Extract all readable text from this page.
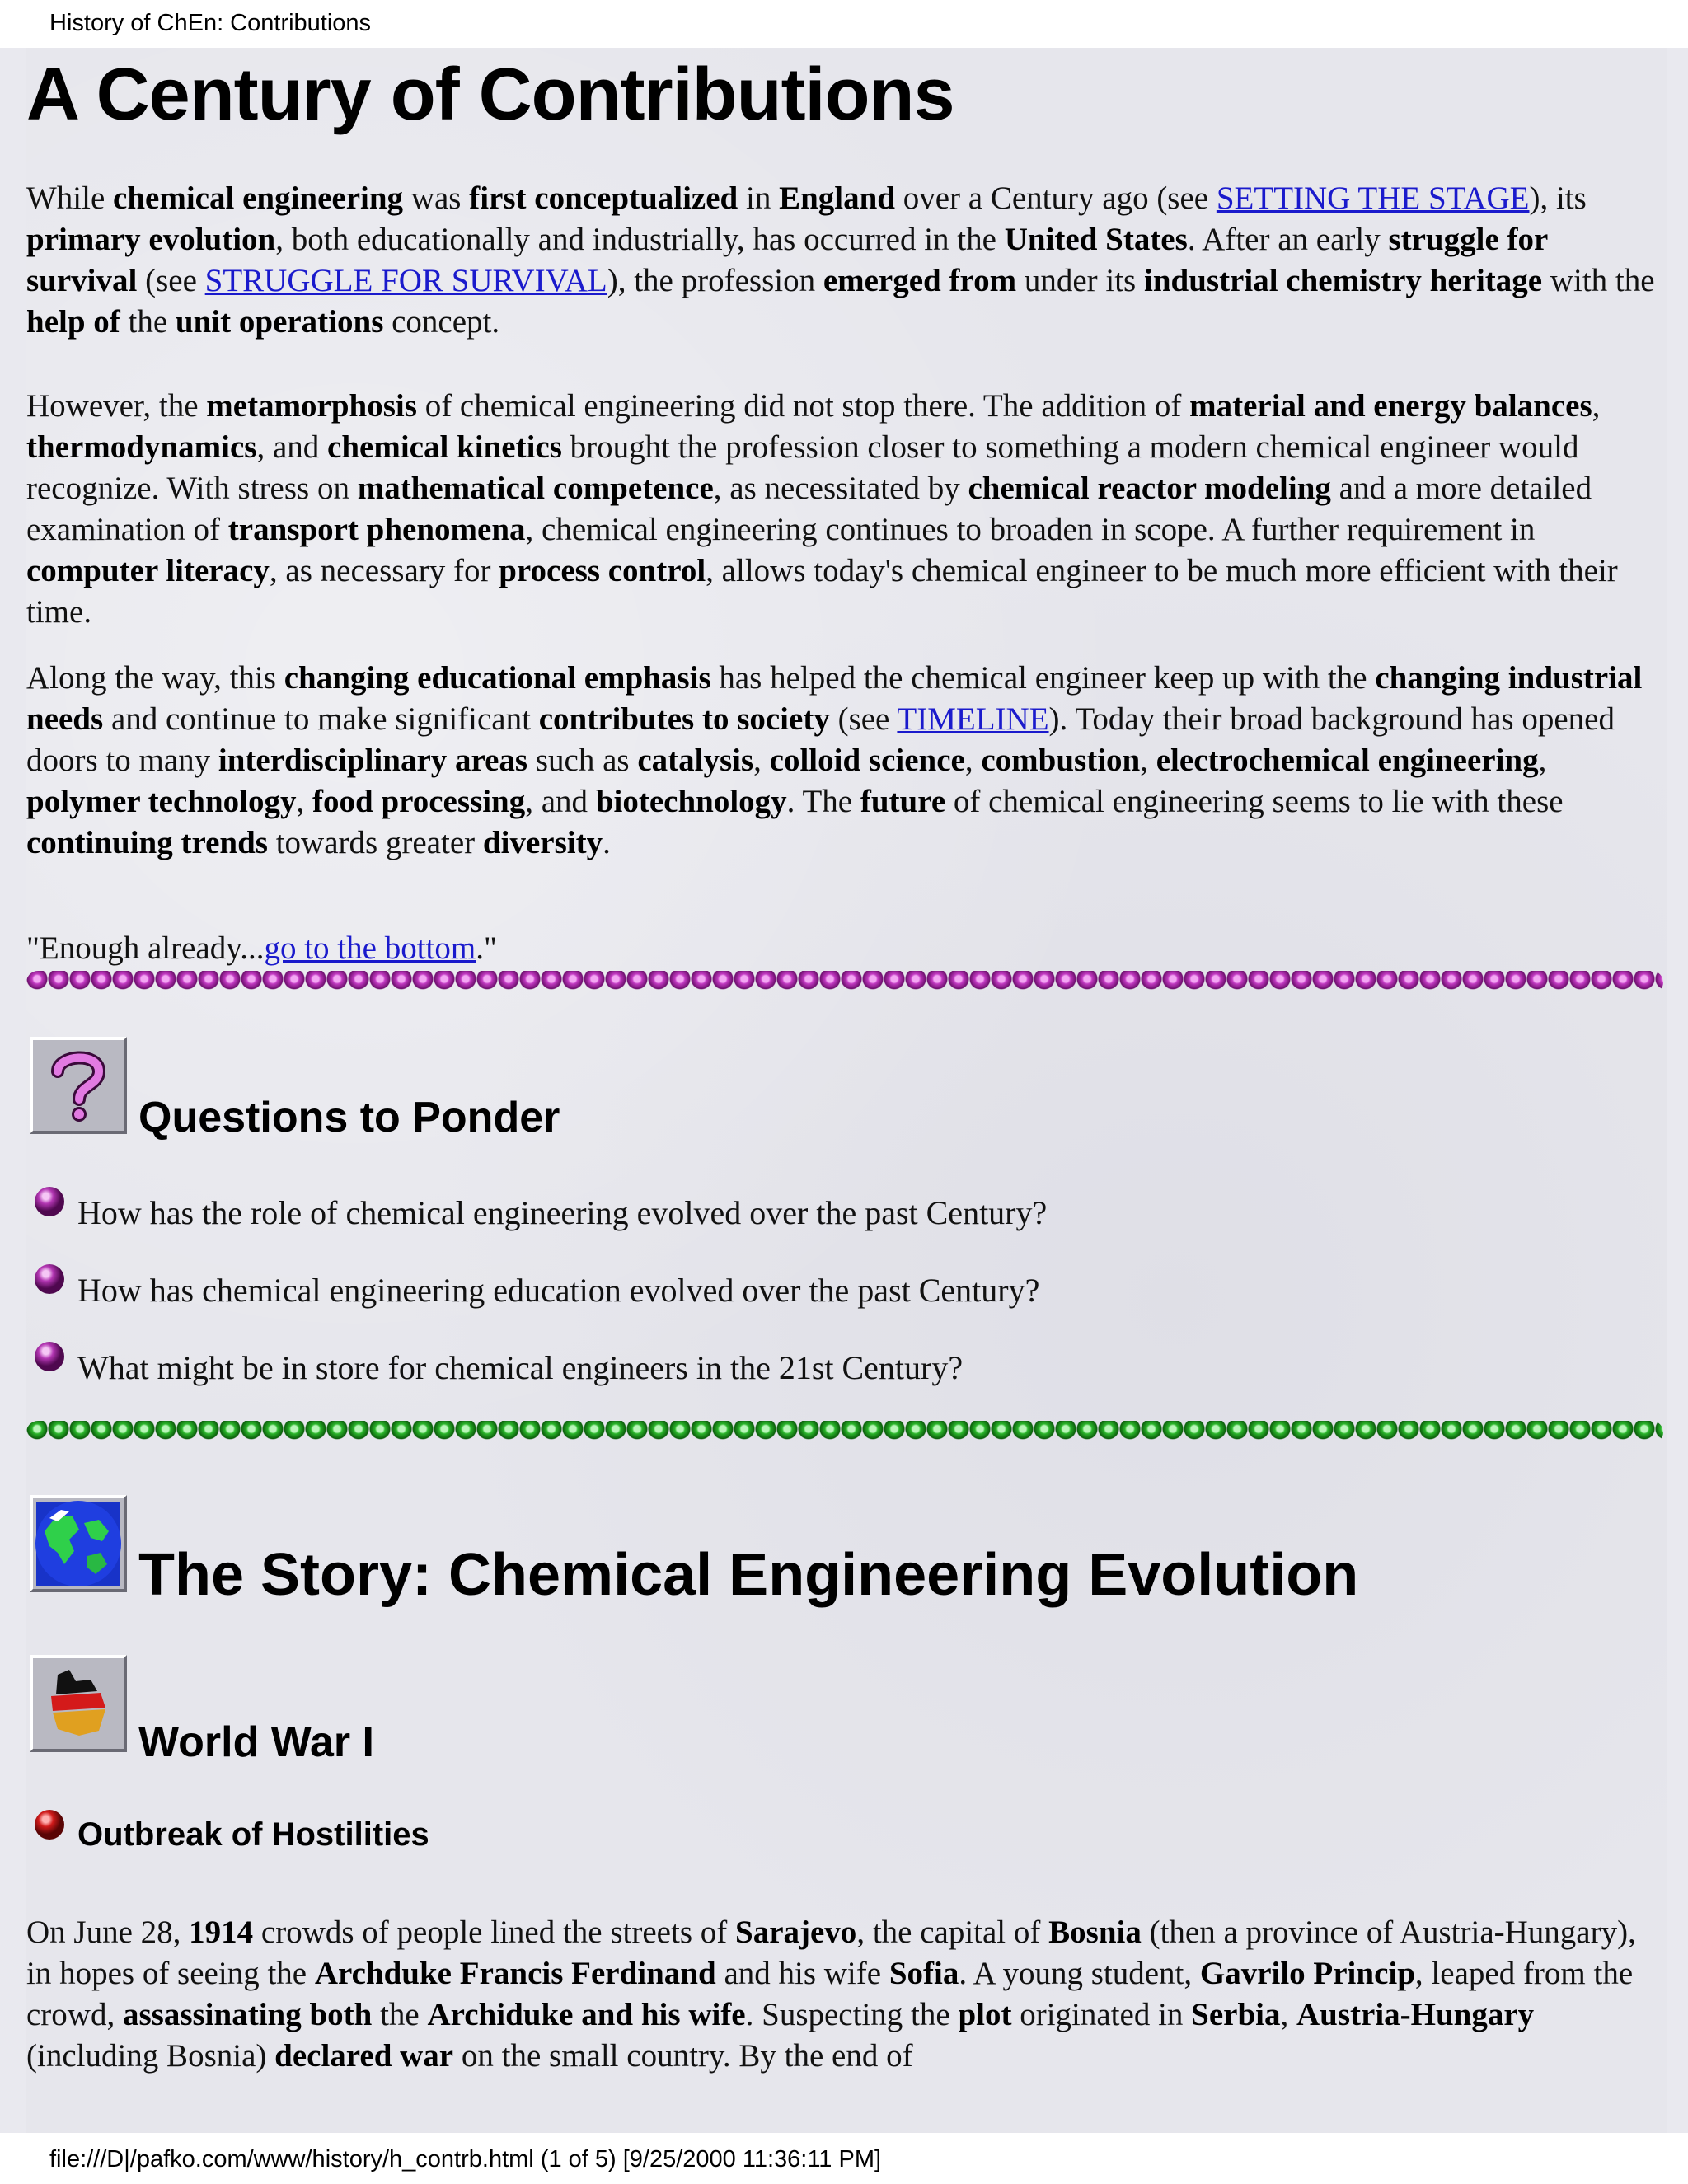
History of ChEn: Contributions
A Century of Contributions

While chemical engineering was first conceptualized in England over a Century ago (see SETTING THE STAGE), its primary evolution, both educationally and industrially, has occurred in the United States. After an early struggle for survival (see STRUGGLE FOR SURVIVAL), the profession emerged from under its industrial chemistry heritage with the help of the unit operations concept.

However, the metamorphosis of chemical engineering did not stop there. The addition of material and energy balances, thermodynamics, and chemical kinetics brought the profession closer to something a modern chemical engineer would recognize. With stress on mathematical competence, as necessitated by chemical reactor modeling and a more detailed examination of transport phenomena, chemical engineering continues to broaden in scope. A further requirement in computer literacy, as necessary for process control, allows today's chemical engineer to be much more efficient with their time.

Along the way, this changing educational emphasis has helped the chemical engineer keep up with the changing industrial needs and continue to make significant contributes to society (see TIMELINE). Today their broad background has opened doors to many interdisciplinary areas such as catalysis, colloid science, combustion, electrochemical engineering, polymer technology, food processing, and biotechnology. The future of chemical engineering seems to lie with these continuing trends towards greater diversity.

"Enough already...go to the bottom."

Questions to Ponder

How has the role of chemical engineering evolved over the past Century?

How has chemical engineering education evolved over the past Century?

What might be in store for chemical engineers in the 21st Century?

The Story: Chemical Engineering Evolution
World War I

Outbreak of Hostilities

On June 28, 1914 crowds of people lined the streets of Sarajevo, the capital of Bosnia (then a province of Austria-Hungary), in hopes of seeing the Archduke Francis Ferdinand and his wife Sofia. A young student, Gavrilo Princip, leaped from the crowd, assassinating both the Archiduke and his wife. Suspecting the plot originated in Serbia, Austria-Hungary (including Bosnia) declared war on the small country. By the end of

file:///D|/pafko.com/www/history/h_contrb.html (1 of 5) [9/25/2000 11:36:11 PM]
